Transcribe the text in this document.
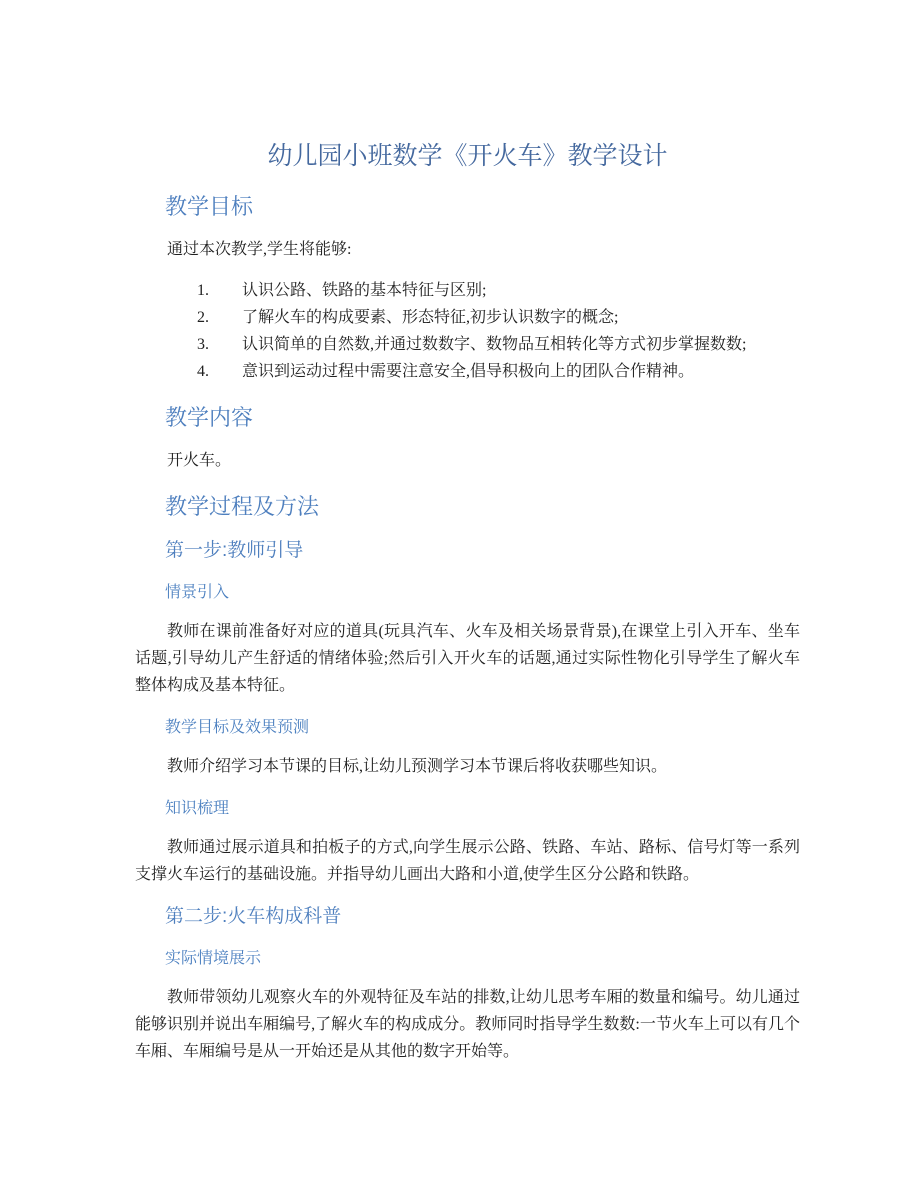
幼儿园小班数学《开火车》教学设计
教学目标

通过本次教学,学生将能够:

1. 认识公路、铁路的基本特征与区别;
2. 了解火车的构成要素、形态特征,初步认识数字的概念;
3. 认识简单的自然数,并通过数数字、数物品互相转化等方式初步掌握数数;
4. 意识到运动过程中需要注意安全,倡导积极向上的团队合作精神。
教学内容

开火车。

教学过程及方法
第一步:教师引导
情景引入

教师在课前准备好对应的道具(玩具汽车、火车及相关场景背景),在课堂上引入开车、坐车话题,引导幼儿产生舒适的情绪体验;然后引入开火车的话题,通过实际性物化引导学生了解火车整体构成及基本特征。

教学目标及效果预测

教师介绍学习本节课的目标,让幼儿预测学习本节课后将收获哪些知识。

知识梳理

教师通过展示道具和拍板子的方式,向学生展示公路、铁路、车站、路标、信号灯等一系列支撑火车运行的基础设施。并指导幼儿画出大路和小道,使学生区分公路和铁路。

第二步:火车构成科普
实际情境展示

教师带领幼儿观察火车的外观特征及车站的排数,让幼儿思考车厢的数量和编号。幼儿通过能够识别并说出车厢编号,了解火车的构成成分。教师同时指导学生数数:一节火车上可以有几个车厢、车厢编号是从一开始还是从其他的数字开始等。
